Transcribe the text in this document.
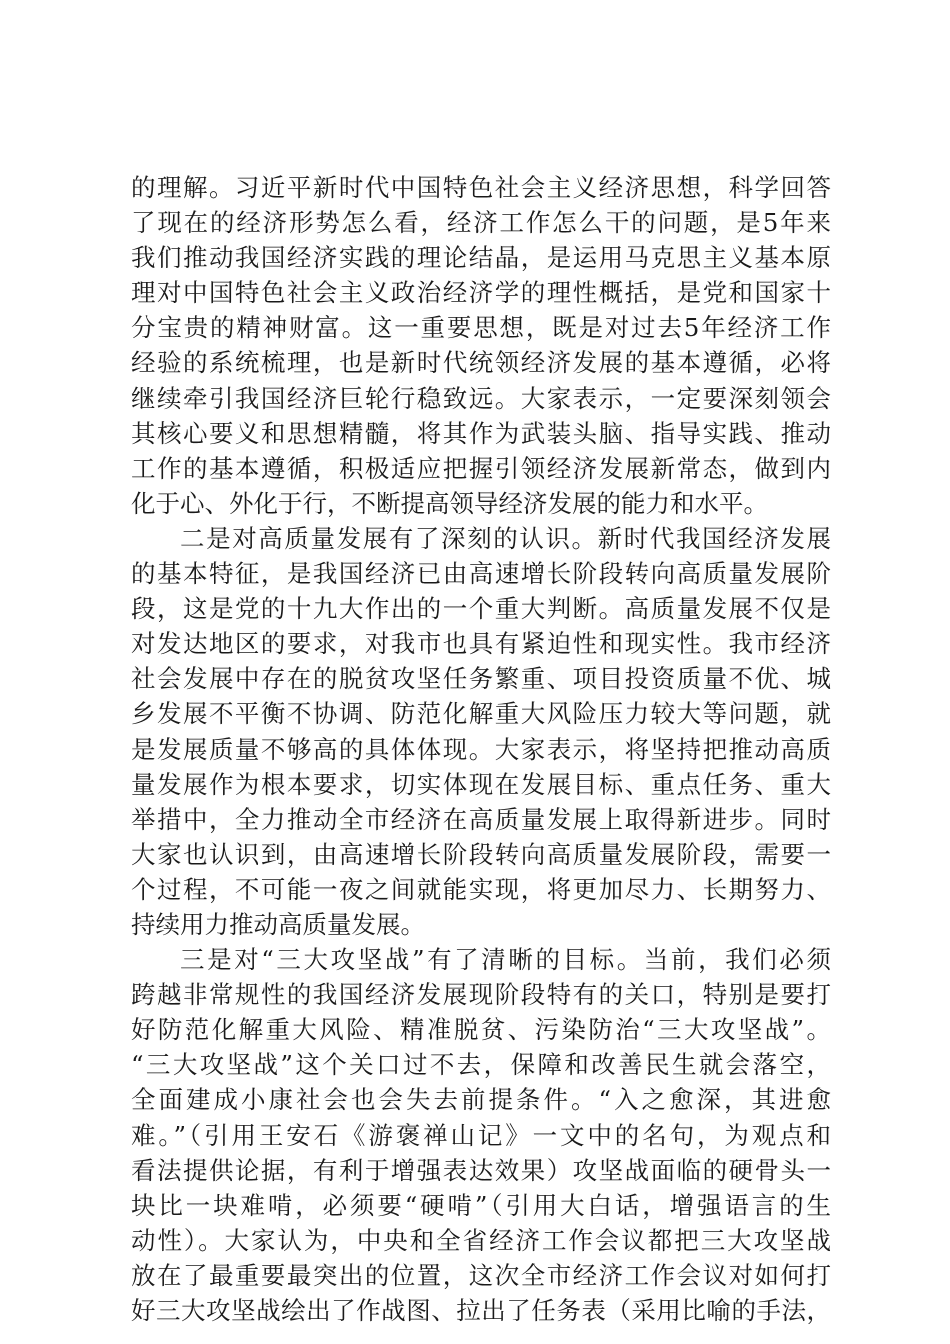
的理解。习近平新时代中国特色社会主义经济思想，科学回答
了现在的经济形势怎么看，经济工作怎么干的问题，是5年来
我们推动我国经济实践的理论结晶，是运用马克思主义基本原
理对中国特色社会主义政治经济学的理性概括，是党和国家十
分宝贵的精神财富。这一重要思想，既是对过去5年经济工作
经验的系统梳理，也是新时代统领经济发展的基本遵循，必将
继续牵引我国经济巨轮行稳致远。大家表示，一定要深刻领会
其核心要义和思想精髓，将其作为武装头脑、指导实践、推动
工作的基本遵循，积极适应把握引领经济发展新常态，做到内
化于心、外化于行，不断提高领导经济发展的能力和水平。
二是对高质量发展有了深刻的认识。新时代我国经济发展
的基本特征，是我国经济已由高速增长阶段转向高质量发展阶
段，这是党的十九大作出的一个重大判断。高质量发展不仅是
对发达地区的要求，对我市也具有紧迫性和现实性。我市经济
社会发展中存在的脱贫攻坚任务繁重、项目投资质量不优、城
乡发展不平衡不协调、防范化解重大风险压力较大等问题，就
是发展质量不够高的具体体现。大家表示，将坚持把推动高质
量发展作为根本要求，切实体现在发展目标、重点任务、重大
举措中，全力推动全市经济在高质量发展上取得新进步。同时
大家也认识到，由高速增长阶段转向高质量发展阶段，需要一
个过程，不可能一夜之间就能实现，将更加尽力、长期努力、
持续用力推动高质量发展。
三是对“三大攻坚战”有了清晰的目标。当前，我们必须
跨越非常规性的我国经济发展现阶段特有的关口，特别是要打
好防范化解重大风险、精准脱贫、污染防治“三大攻坚战”。
“三大攻坚战”这个关口过不去，保障和改善民生就会落空，
全面建成小康社会也会失去前提条件。“入之愈深，其进愈
难。”（引用王安石《游褒禅山记》一文中的名句，为观点和
看法提供论据，有利于增强表达效果）攻坚战面临的硬骨头一
块比一块难啃，必须要“硬啃”（引用大白话，增强语言的生
动性）。大家认为，中央和全省经济工作会议都把三大攻坚战
放在了最重要最突出的位置，这次全市经济工作会议对如何打
好三大攻坚战绘出了作战图、拉出了任务表（采用比喻的手法，
